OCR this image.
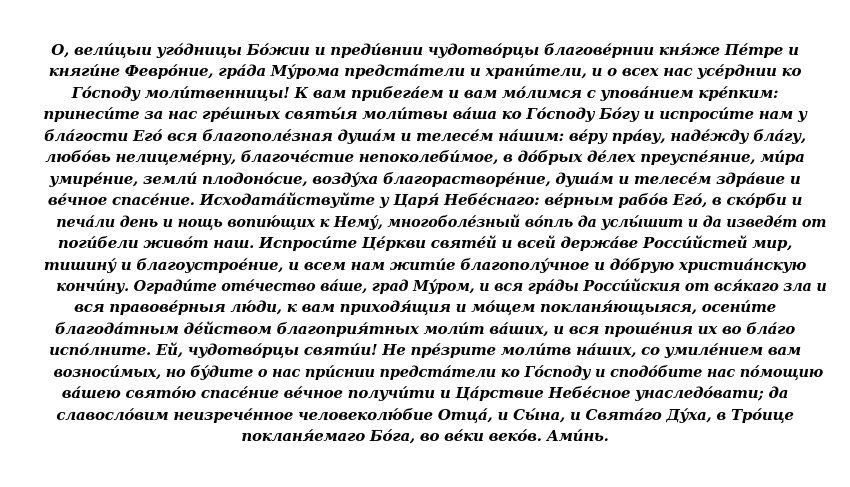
О, вели́цыи уго́дницы Бо́жии и преди́внии чудотво́рцы благове́рнии кня́же Пе́тре и
княги́не Февро́ние, гра́да Му́рома предста́тели и храни́тели, и о всех нас усе́рднии ко
Го́споду моли́твенницы! К вам прибега́ем и вам мо́лимся с упова́нием кре́пким:
принеси́те за нас гре́шных святы́я моли́твы ва́ша ко Го́споду Бо́гу и испроси́те нам у
бла́гости Его́ вся благополе́зная душа́м и телесе́м на́шим: ве́ру пра́ву, наде́жду бла́гу,
любо́вь нелицеме́рну, благоче́стие непоколеби́мое, в до́брых де́лех преуспе́яние, ми́ра
умире́ние, земли́ плодоно́сие, возду́ха благорастворе́ние, душа́м и телесе́м здра́вие и
ве́чное спасе́ние. Исходата́йствуйте у Царя́ Небе́снаго: ве́рным рабо́в Его́, в ско́рби и
печа́ли день и нощь вопию́щих к Нему́, многоболе́зный во́пль да услы́шит и да изведе́т от
поги́бели живо́т наш. Испроси́те Це́ркви святе́й и всей держа́ве Росси́йстей мир,
тишину́ и благоустрое́ние, и всем нам жити́е благополу́чное и до́брую христиа́нскую
кончи́ну. Огради́те оте́чество ва́ше, град Му́ром, и вся гра́ды Росси́йския от вся́каго зла и
вся правове́рныя лю́ди, к вам приходя́щия и мо́щем покланя́ющыяся, осени́те
благода́тным де́йством благоприя́тных моли́т ва́ших, и вся проше́ния их во бла́го
испо́лните. Ей, чудотво́рцы святи́и! Не пре́зрите моли́тв на́ших, со умиле́нием вам
возноси́мых, но бу́дите о нас при́снии предста́тели ко Го́споду и сподо́бите нас по́мощию
ва́шею свято́ю спасе́ние ве́чное получи́ти и Ца́рствие Небе́сное унаследо́вати; да
славосло́вим неизрече́нное человеколю́бие Отца́, и Сы́на, и Свята́го Ду́ха, в Тро́ице
покланя́емаго Бо́га, во ве́ки веко́в. Ами́нь.
